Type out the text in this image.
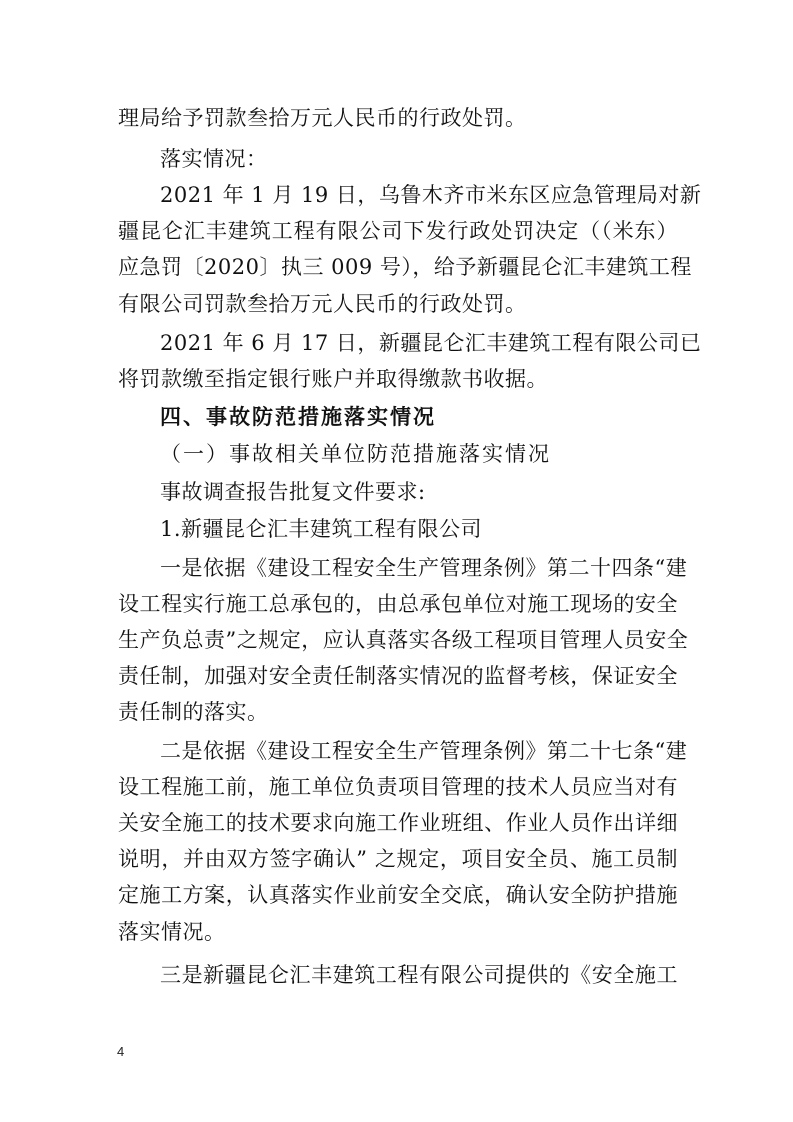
理局给予罚款叁拾万元人民币的行政处罚。
落实情况：
2021 年 1 月 19 日，乌鲁木齐市米东区应急管理局对新
疆昆仑汇丰建筑工程有限公司下发行政处罚决定（（米东）
应急罚〔2020〕执三 009 号），给予新疆昆仑汇丰建筑工程
有限公司罚款叁拾万元人民币的行政处罚。
2021 年 6 月 17 日，新疆昆仑汇丰建筑工程有限公司已
将罚款缴至指定银行账户并取得缴款书收据。
四、事故防范措施落实情况
（一）事故相关单位防范措施落实情况
事故调查报告批复文件要求:
1.新疆昆仑汇丰建筑工程有限公司
一是依据《建设工程安全生产管理条例》第二十四条“建
设工程实行施工总承包的，由总承包单位对施工现场的安全
生产负总责”之规定，应认真落实各级工程项目管理人员安全
责任制，加强对安全责任制落实情况的监督考核，保证安全
责任制的落实。
二是依据《建设工程安全生产管理条例》第二十七条“建
设工程施工前，施工单位负责项目管理的技术人员应当对有
关安全施工的技术要求向施工作业班组、作业人员作出详细
说明，并由双方签字确认” 之规定，项目安全员、施工员制
定施工方案，认真落实作业前安全交底，确认安全防护措施
落实情况。
三是新疆昆仑汇丰建筑工程有限公司提供的《安全施工
4
